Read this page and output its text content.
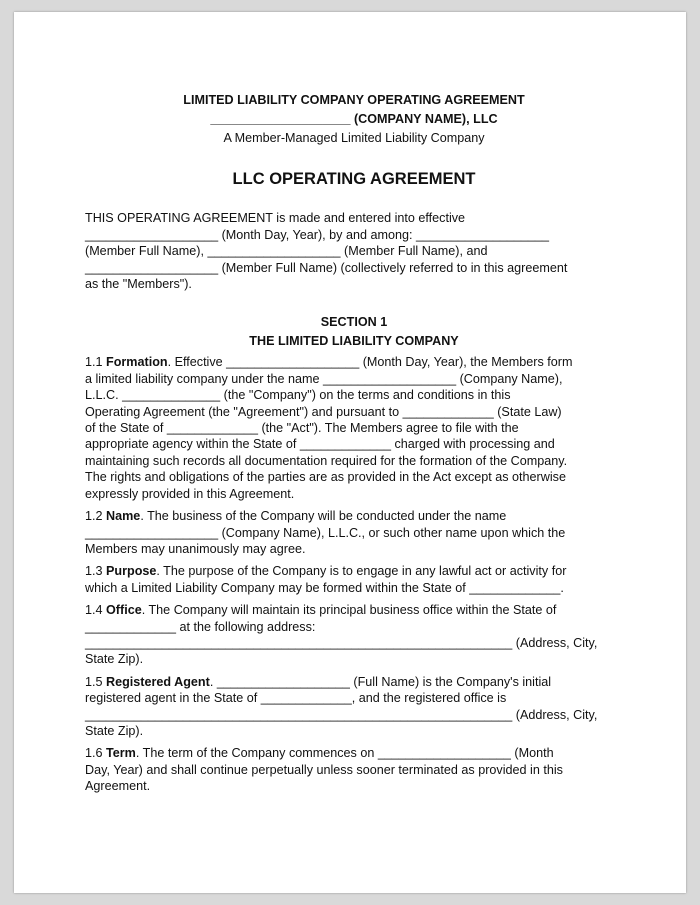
LIMITED LIABILITY COMPANY OPERATING AGREEMENT
____________________ (COMPANY NAME), LLC
A Member-Managed Limited Liability Company
LLC OPERATING AGREEMENT

THIS OPERATING AGREEMENT is made and entered into effective
___________________ (Month Day, Year), by and among: ___________________
(Member Full Name), ___________________ (Member Full Name), and
___________________ (Member Full Name) (collectively referred to in this agreement
as the "Members").

SECTION 1
THE LIMITED LIABILITY COMPANY

1.1 Formation. Effective ___________________ (Month Day, Year), the Members form
a limited liability company under the name ___________________ (Company Name),
L.L.C. ______________ (the "Company") on the terms and conditions in this
Operating Agreement (the "Agreement") and pursuant to _____________ (State Law)
of the State of _____________ (the "Act"). The Members agree to file with the
appropriate agency within the State of _____________ charged with processing and
maintaining such records all documentation required for the formation of the Company.
The rights and obligations of the parties are as provided in the Act except as otherwise
expressly provided in this Agreement.

1.2 Name. The business of the Company will be conducted under the name
___________________ (Company Name), L.L.C., or such other name upon which the
Members may unanimously may agree.

1.3 Purpose. The purpose of the Company is to engage in any lawful act or activity for
which a Limited Liability Company may be formed within the State of _____________.

1.4 Office. The Company will maintain its principal business office within the State of
_____________ at the following address:
_____________________________________________________________ (Address, City,
State Zip).

1.5 Registered Agent. ___________________ (Full Name) is the Company's initial
registered agent in the State of _____________, and the registered office is
_____________________________________________________________ (Address, City,
State Zip).

1.6 Term. The term of the Company commences on ___________________ (Month
Day, Year) and shall continue perpetually unless sooner terminated as provided in this
Agreement.
